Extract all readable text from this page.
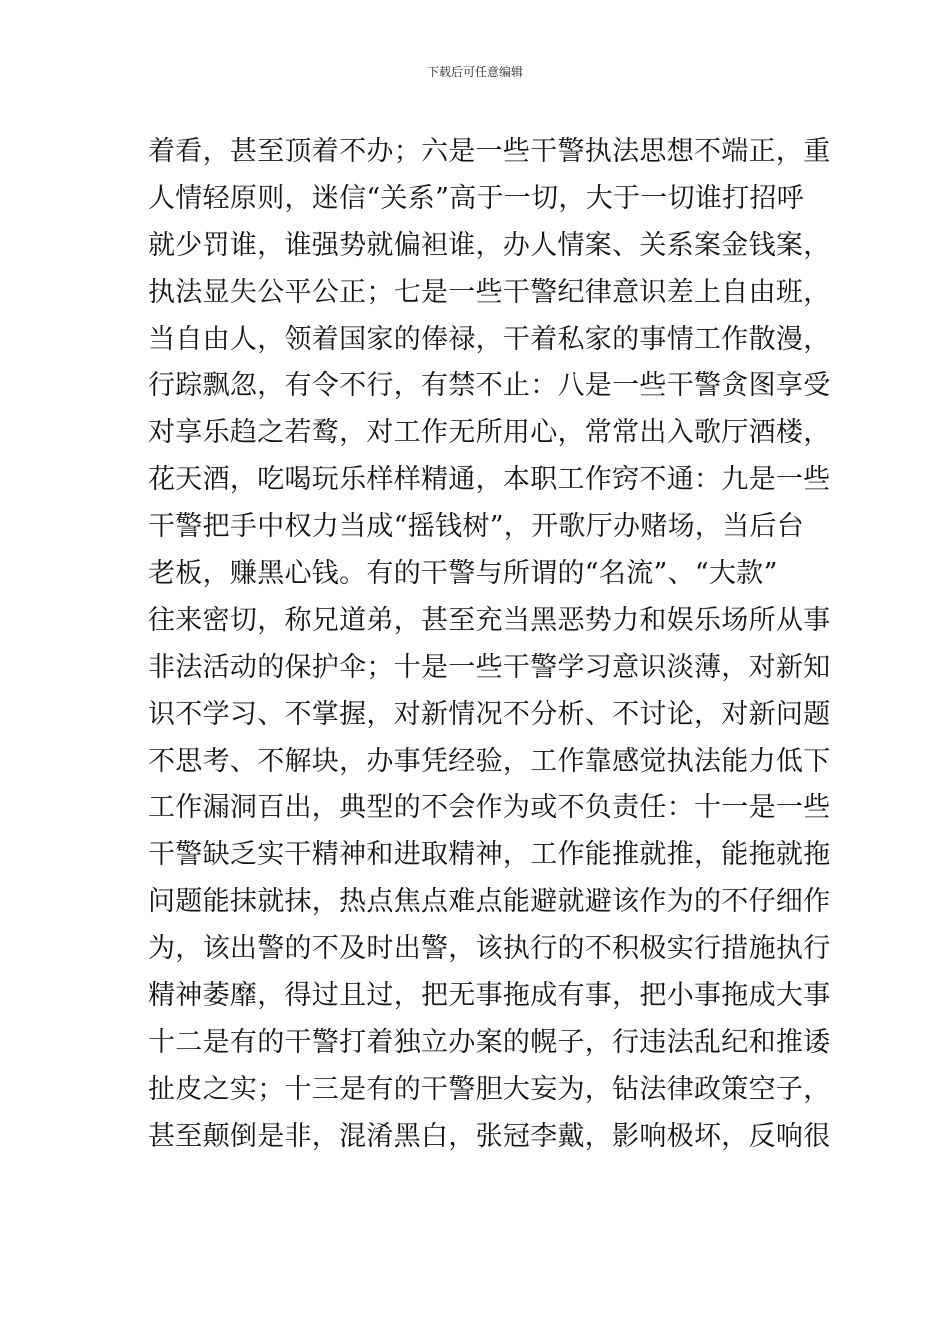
下载后可任意编辑
着看，甚至顶着不办；六是一些干警执法思想不端正，重
人情轻原则，迷信“关系”高于一切，大于一切谁打招呼
就少罚谁，谁强势就偏袒谁，办人情案、关系案金钱案，
执法显失公平公正；七是一些干警纪律意识差上自由班，
当自由人，领着国家的俸禄，干着私家的事情工作散漫，
行踪飘忽，有令不行，有禁不止：八是一些干警贪图享受
对享乐趋之若鹜，对工作无所用心，常常出入歌厅酒楼，
花天酒，吃喝玩乐样样精通，本职工作窍不通：九是一些
干警把手中权力当成“摇钱树”，开歌厅办赌场，当后台
老板，赚黑心钱。有的干警与所谓的“名流”、“大款”
往来密切，称兄道弟，甚至充当黑恶势力和娱乐场所从事
非法活动的保护伞；十是一些干警学习意识淡薄，对新知
识不学习、不掌握，对新情况不分析、不讨论，对新问题
不思考、不解块，办事凭经验，工作靠感觉执法能力低下
工作漏洞百出，典型的不会作为或不负责任：十一是一些
干警缺乏实干精神和进取精神，工作能推就推，能拖就拖
问题能抹就抹，热点焦点难点能避就避该作为的不仔细作
为，该出警的不及时出警，该执行的不积极实行措施执行
精神萎靡，得过且过，把无事拖成有事，把小事拖成大事
十二是有的干警打着独立办案的幌子，行违法乱纪和推诿
扯皮之实；十三是有的干警胆大妄为，钻法律政策空子，
甚至颠倒是非，混淆黑白，张冠李戴，影响极坏，反响很
